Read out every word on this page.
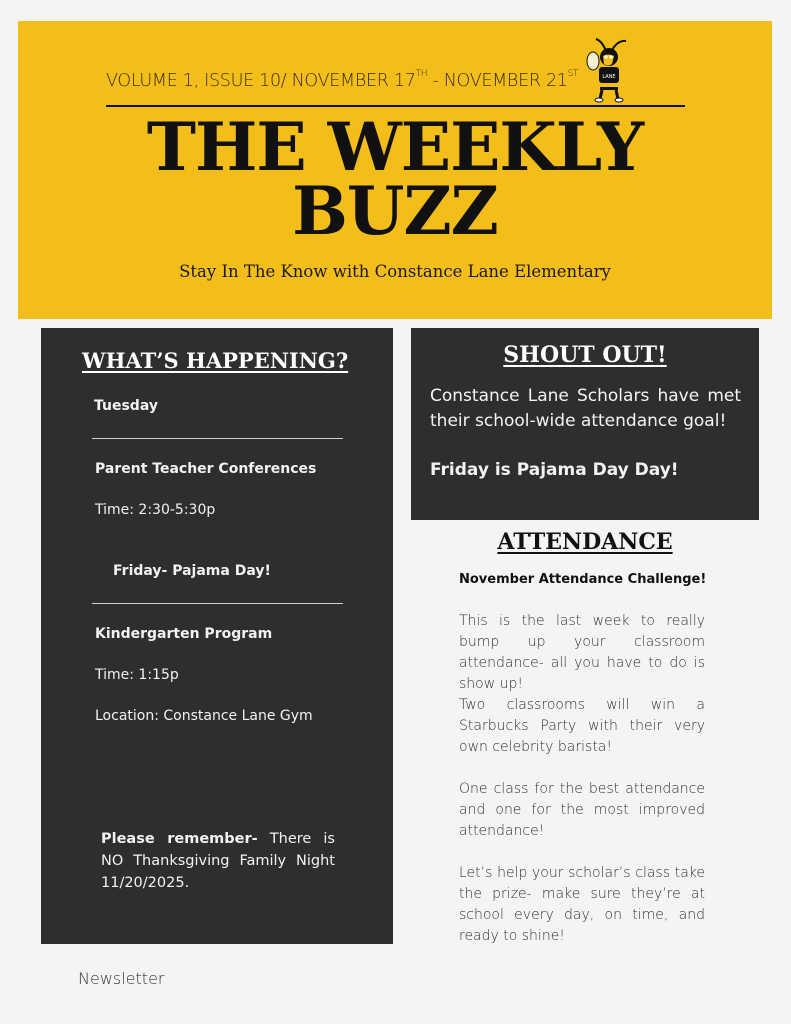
VOLUME 1, ISSUE 10/ NOVEMBER 17TH - NOVEMBER 21ST	LANE
THE WEEKLY
BUZZ
Stay In The Know with Constance Lane Elementary
WHAT’S HAPPENING?
Tuesday
Parent Teacher Conferences
Time: 2:30-5:30p
Friday- Pajama Day!
Kindergarten Program
Time: 1:15p
Location: Constance Lane Gym
Please remember- There is NO Thanksgiving Family Night 11/20/2025.
SHOUT OUT!
Constance Lane Scholars have met their school-wide attendance goal!
Friday is Pajama Day Day!
ATTENDANCE
November Attendance Challenge!
This is the last week to really bump up your classroom attendance- all you have to do is show up!
Two classrooms will win a Starbucks Party with their very own celebrity barista!
One class for the best attendance and one for the most improved attendance!
Let’s help your scholar’s class take the prize- make sure they’re at school every day, on time, and ready to shine!
Newsletter
